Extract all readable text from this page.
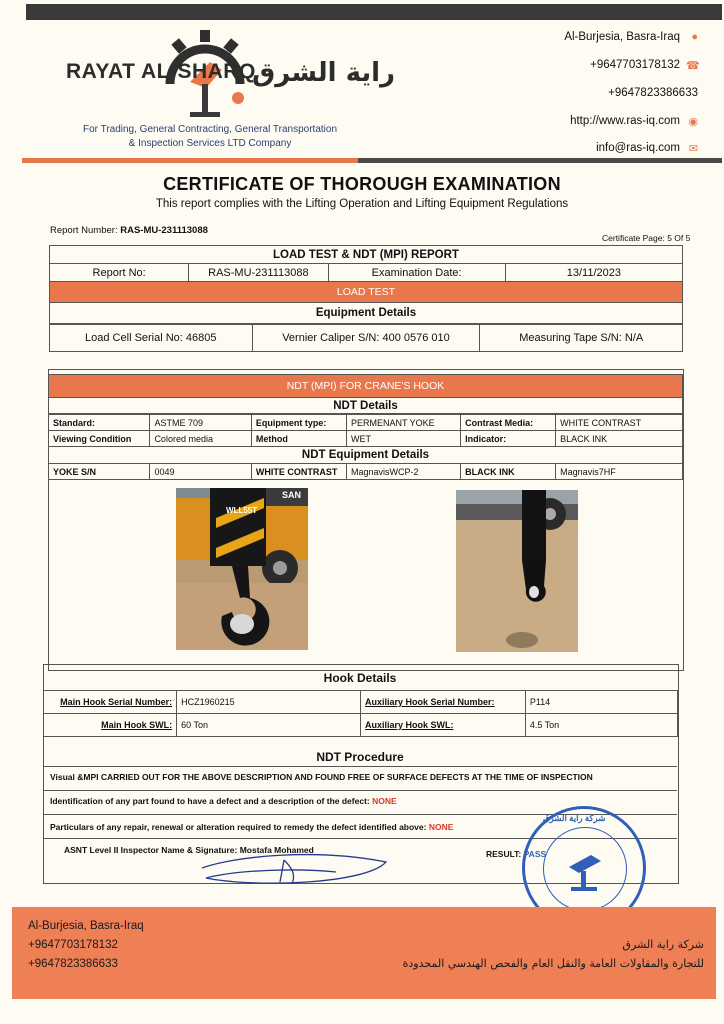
RAYAT AL-SHARQ
راية الشرق
For Trading, General Contracting, General Transportation
& Inspection Services LTD Company
Al-Burjesia, Basra-Iraq ●
+9647703178132 ☎
+9647823386633
http://www.ras-iq.com ◉
info@ras-iq.com ✉
CERTIFICATE OF THOROUGH EXAMINATION
This report complies with the Lifting Operation and Lifting Equipment Regulations
Report Number: RAS-MU-231113088
Certificate Page: 5 Of 5
LOAD TEST & NDT (MPI) REPORT
Report No:	RAS-MU-231113088	Examination Date:	13/11/2023
LOAD TEST
Equipment Details
Load Cell Serial No: 46805	Vernier Caliper S/N: 400 0576 010	Measuring Tape S/N: N/A
NDT (MPI) FOR CRANE'S HOOK
NDT Details
Standard:	ASTME 709	Equipment type:	PERMENANT YOKE	Contrast Media:	WHITE CONTRAST
Viewing Condition	Colored media	Method	WET	Indicator:	BLACK INK
NDT Equipment Details					
YOKE S/N	0049	WHITE CONTRAST	MagnavisWCP-2	BLACK INK	Magnavis7HF
WLL55T
SAN
Hook Details
Main Hook Serial Number:	HCZ1960215	Auxiliary Hook Serial Number:	P114
Main Hook SWL:	60 Ton	Auxiliary Hook SWL:	4.5 Ton
NDT Procedure
Visual &MPI CARRIED OUT FOR THE ABOVE DESCRIPTION AND FOUND FREE OF SURFACE DEFECTS AT THE TIME OF INSPECTION
Identification of any part found to have a defect and a description of the defect: NONE
Particulars of any repair, renewal or alteration required to remedy the defect identified above: NONE
ASNT Level II Inspector Name & Signature: Mostafa Mohamed	RESULT: PASS
شركة راية الشرق
Al-Burjesia, Basra-Iraq
+9647703178132
+9647823386633
شركة راية الشرق
للتجارة والمقاولات العامة والنقل العام والفحص الهندسي المحدودة
